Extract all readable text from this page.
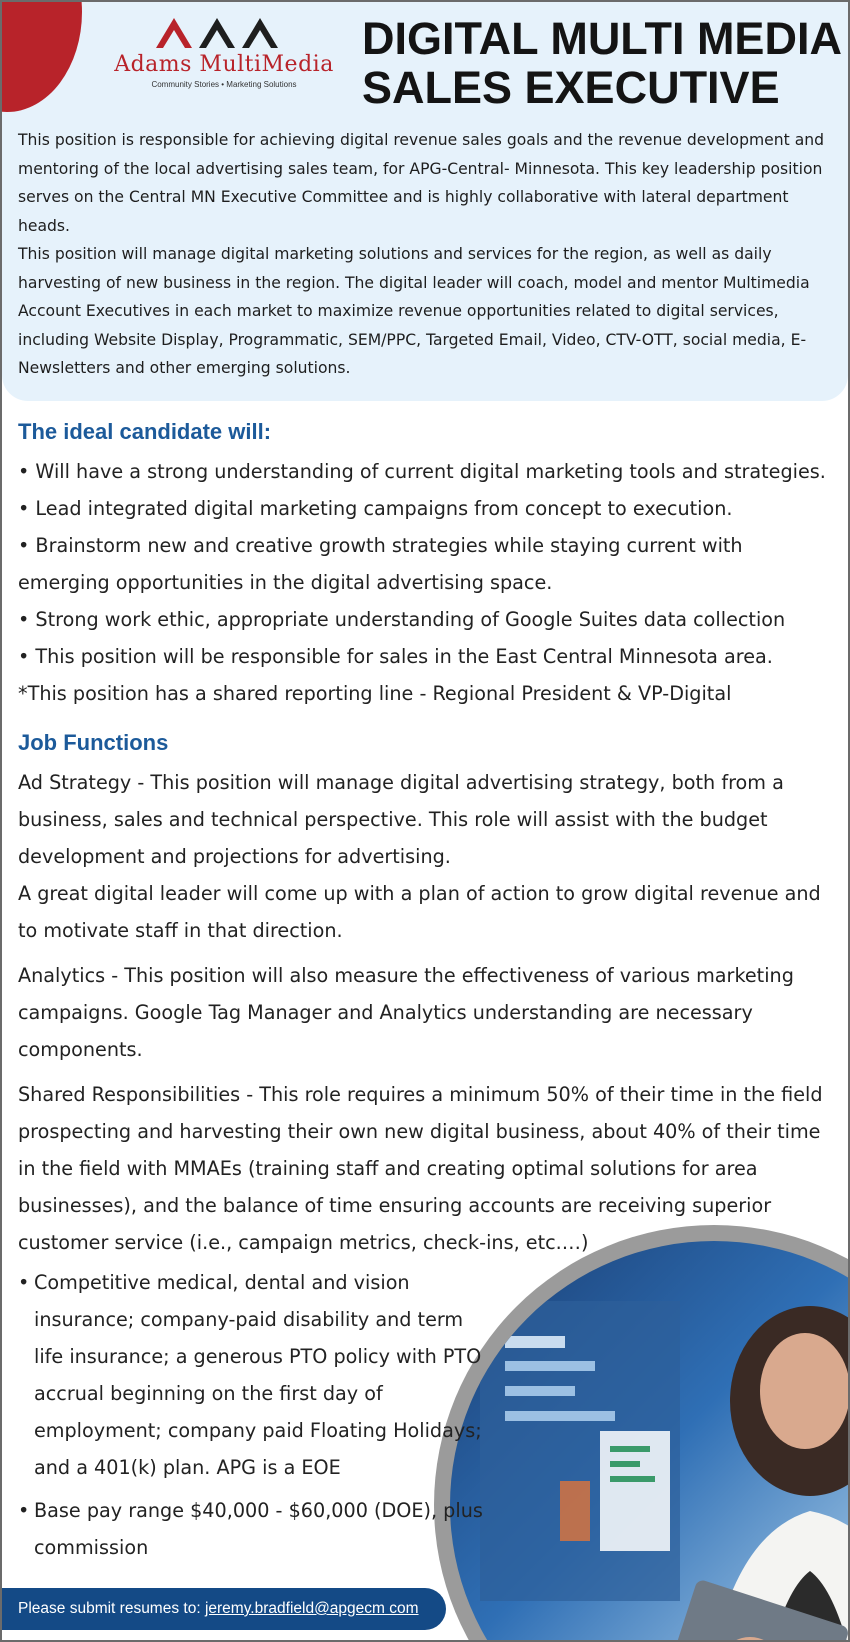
Adams MultiMedia
Community Stories • Marketing Solutions
DIGITAL MULTI MEDIA
SALES EXECUTIVE

This position is responsible for achieving digital revenue sales goals and the revenue development and mentoring of the local advertising sales team, for APG-Central- Minnesota. This key leadership position serves on the Central MN Executive Committee and is highly collaborative with lateral department heads.

This position will manage digital marketing solutions and services for the region, as well as daily harvesting of new business in the region. The digital leader will coach, model and mentor Multimedia Account Executives in each market to maximize revenue opportunities related to digital services, including Website Display, Programmatic, SEM/PPC, Targeted Email, Video, CTV-OTT, social media, E-Newsletters and other emerging solutions.

The ideal candidate will:
• Will have a strong understanding of current digital marketing tools and strategies.
• Lead integrated digital marketing campaigns from concept to execution.
• Brainstorm new and creative growth strategies while staying current with emerging opportunities in the digital advertising space.
• Strong work ethic, appropriate understanding of Google Suites data collection
• This position will be responsible for sales in the East Central Minnesota area.

*This position has a shared reporting line - Regional President & VP-Digital

Job Functions

Ad Strategy - This position will manage digital advertising strategy, both from a business, sales and technical perspective. This role will assist with the budget development and projections for advertising.

A great digital leader will come up with a plan of action to grow digital revenue and to motivate staff in that direction.

Analytics - This position will also measure the effectiveness of various marketing campaigns. Google Tag Manager and Analytics understanding are necessary components.

Shared Responsibilities - This role requires a minimum 50% of their time in the field prospecting and harvesting their own new digital business, about 40% of their time in the field with MMAEs (training staff and creating optimal solutions for area businesses), and the balance of time ensuring accounts are receiving superior customer service (i.e., campaign metrics, check-ins, etc.…)

• Competitive medical, dental and vision insurance; company-paid disability and term life insurance; a generous PTO policy with PTO accrual beginning on the first day of employment; company paid Floating Holidays; and a 401(k) plan. APG is a EOE
• Base pay range $40,000 - $60,000 (DOE), plus commission
Please submit resumes to: jeremy.bradfield@apgecm com
